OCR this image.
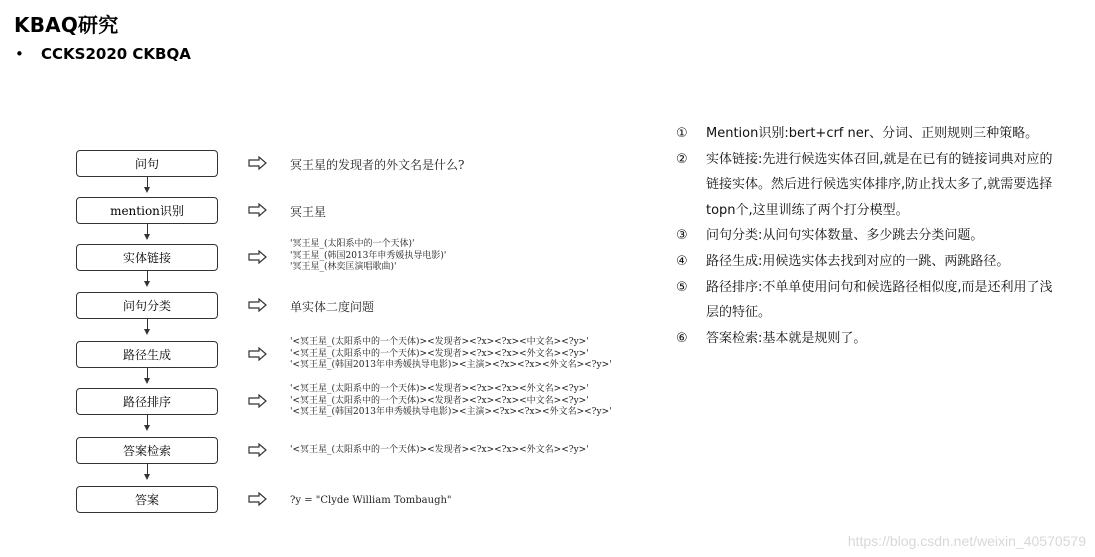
KBAQ研究
• CCKS2020 CKBQA
问句
mention识别
实体链接
问句分类
路径生成
路径排序
答案检索
答案
冥王星的发现者的外文名是什么?
冥王星
'冥王星_(太阳系中的一个天体)'
'冥王星_(韩国2013年申秀媛执导电影)'
'冥王星_(林奕匡演唱歌曲)'
单实体二度问题
'<冥王星_(太阳系中的一个天体)><发现者><?x><?x><中文名><?y>'
'<冥王星_(太阳系中的一个天体)><发现者><?x><?x><外文名><?y>'
'<冥王星_(韩国2013年申秀媛执导电影)><主演><?x><?x><外文名><?y>'
'<冥王星_(太阳系中的一个天体)><发现者><?x><?x><外文名><?y>'
'<冥王星_(太阳系中的一个天体)><发现者><?x><?x><中文名><?y>'
'<冥王星_(韩国2013年申秀媛执导电影)><主演><?x><?x><外文名><?y>'
'<冥王星_(太阳系中的一个天体)><发现者><?x><?x><外文名><?y>'
?y = "Clyde William Tombaugh"
①	Mention识别:bert+crf ner、分词、正则规则三种策略。
②	实体链接:先进行候选实体召回,就是在已有的链接词典对应的链接实体。然后进行候选实体排序,防止找太多了,就需要选择topn个,这里训练了两个打分模型。
③	问句分类:从问句实体数量、多少跳去分类问题。
④	路径生成:用候选实体去找到对应的一跳、两跳路径。
⑤	路径排序:不单单使用问句和候选路径相似度,而是还利用了浅层的特征。
⑥	答案检索:基本就是规则了。
https://blog.csdn.net/weixin_40570579
